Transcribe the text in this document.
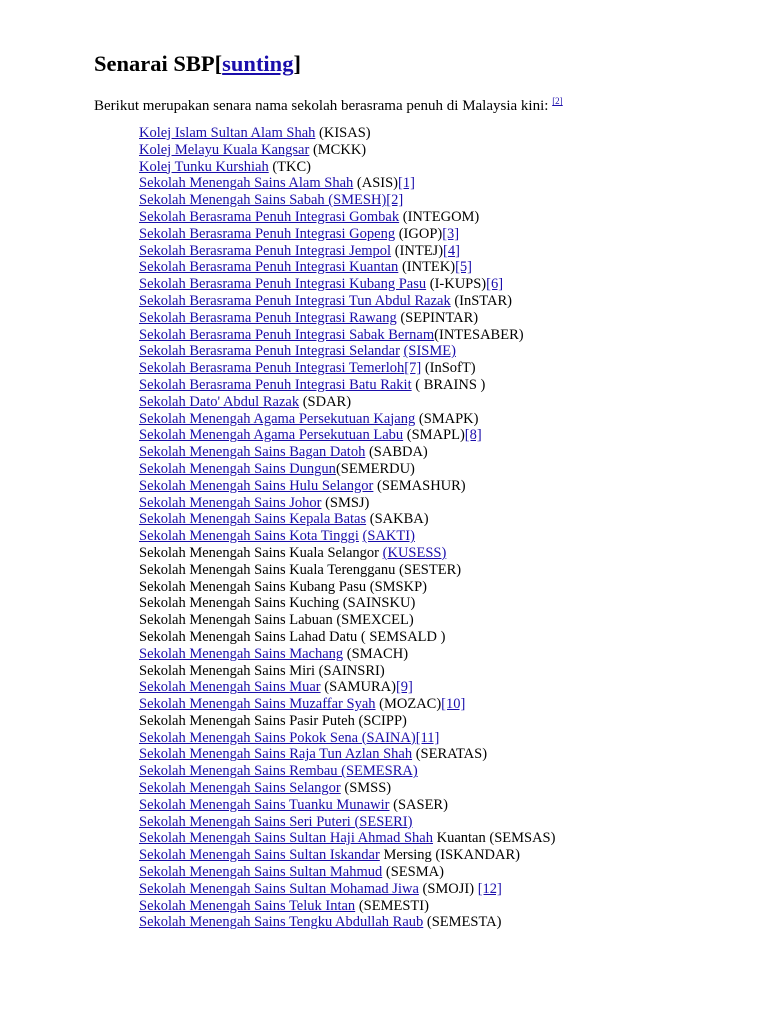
Senarai SBP[sunting]

Berikut merupakan senara nama sekolah berasrama penuh di Malaysia kini: [2]

Kolej Islam Sultan Alam Shah (KISAS)
Kolej Melayu Kuala Kangsar (MCKK)
Kolej Tunku Kurshiah (TKC)
Sekolah Menengah Sains Alam Shah (ASIS)[1]
Sekolah Menengah Sains Sabah (SMESH)[2]
Sekolah Berasrama Penuh Integrasi Gombak (INTEGOM)
Sekolah Berasrama Penuh Integrasi Gopeng (IGOP)[3]
Sekolah Berasrama Penuh Integrasi Jempol (INTEJ)[4]
Sekolah Berasrama Penuh Integrasi Kuantan (INTEK)[5]
Sekolah Berasrama Penuh Integrasi Kubang Pasu (I-KUPS)[6]
Sekolah Berasrama Penuh Integrasi Tun Abdul Razak (InSTAR)
Sekolah Berasrama Penuh Integrasi Rawang (SEPINTAR)
Sekolah Berasrama Penuh Integrasi Sabak Bernam(INTESABER)
Sekolah Berasrama Penuh Integrasi Selandar (SISME)
Sekolah Berasrama Penuh Integrasi Temerloh[7] (InSofT)
Sekolah Berasrama Penuh Integrasi Batu Rakit ( BRAINS )
Sekolah Dato' Abdul Razak (SDAR)
Sekolah Menengah Agama Persekutuan Kajang (SMAPK)
Sekolah Menengah Agama Persekutuan Labu (SMAPL)[8]
Sekolah Menengah Sains Bagan Datoh (SABDA)
Sekolah Menengah Sains Dungun(SEMERDU)
Sekolah Menengah Sains Hulu Selangor (SEMASHUR)
Sekolah Menengah Sains Johor (SMSJ)
Sekolah Menengah Sains Kepala Batas (SAKBA)
Sekolah Menengah Sains Kota Tinggi (SAKTI)
Sekolah Menengah Sains Kuala Selangor (KUSESS)
Sekolah Menengah Sains Kuala Terengganu (SESTER)
Sekolah Menengah Sains Kubang Pasu (SMSKP)
Sekolah Menengah Sains Kuching (SAINSKU)
Sekolah Menengah Sains Labuan (SMEXCEL)
Sekolah Menengah Sains Lahad Datu ( SEMSALD )
Sekolah Menengah Sains Machang (SMACH)
Sekolah Menengah Sains Miri (SAINSRI)
Sekolah Menengah Sains Muar (SAMURA)[9]
Sekolah Menengah Sains Muzaffar Syah (MOZAC)[10]
Sekolah Menengah Sains Pasir Puteh (SCIPP)
Sekolah Menengah Sains Pokok Sena (SAINA)[11]
Sekolah Menengah Sains Raja Tun Azlan Shah (SERATAS)
Sekolah Menengah Sains Rembau (SEMESRA)
Sekolah Menengah Sains Selangor (SMSS)
Sekolah Menengah Sains Tuanku Munawir (SASER)
Sekolah Menengah Sains Seri Puteri (SESERI)
Sekolah Menengah Sains Sultan Haji Ahmad Shah Kuantan (SEMSAS)
Sekolah Menengah Sains Sultan Iskandar Mersing (ISKANDAR)
Sekolah Menengah Sains Sultan Mahmud (SESMA)
Sekolah Menengah Sains Sultan Mohamad Jiwa (SMOJI) [12]
Sekolah Menengah Sains Teluk Intan (SEMESTI)
Sekolah Menengah Sains Tengku Abdullah Raub (SEMESTA)
